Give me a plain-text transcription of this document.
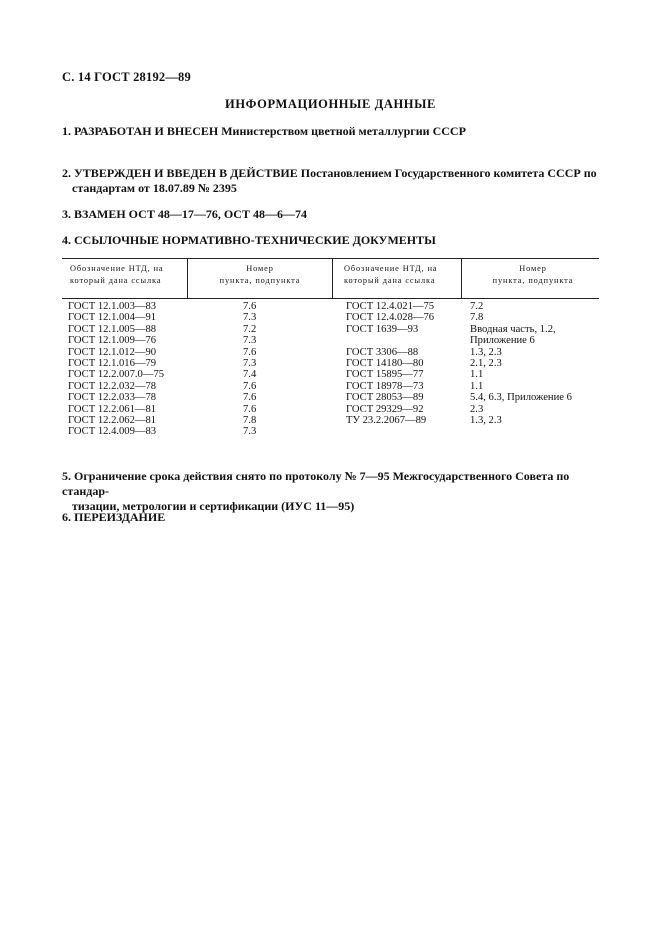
С. 14 ГОСТ 28192—89
ИНФОРМАЦИОННЫЕ ДАННЫЕ
1. РАЗРАБОТАН И ВНЕСЕН Министерством цветной металлургии СССР
2. УТВЕРЖДЕН И ВВЕДЕН В ДЕЙСТВИЕ Постановлением Государственного комитета СССР по
стандартам от 18.07.89 № 2395
3. ВЗАМЕН ОСТ 48—17—76, ОСТ 48—6—74
4. ССЫЛОЧНЫЕ НОРМАТИВНО-ТЕХНИЧЕСКИЕ ДОКУМЕНТЫ
Обозначение НТД, на
который дана ссылка
Номер
пункта, подпункта
Обозначение НТД, на
который дана ссылка
Номер
пункта, подпункта
ГОСТ 12.1.003—83
ГОСТ 12.1.004—91
ГОСТ 12.1.005—88
ГОСТ 12.1.009—76
ГОСТ 12.1.012—90
ГОСТ 12.1.016—79
ГОСТ 12.2.007.0—75
ГОСТ 12.2.032—78
ГОСТ 12.2.033—78
ГОСТ 12.2.061—81
ГОСТ 12.2.062—81
ГОСТ 12.4.009—83
7.6
7.3
7.2
7.3
7.6
7.3
7.4
7.6
7.6
7.6
7.8
7.3
ГОСТ 12.4.021—75
ГОСТ 12.4.028—76
ГОСТ 1639—93
ГОСТ 3306—88
ГОСТ 14180—80
ГОСТ 15895—77
ГОСТ 18978—73
ГОСТ 28053—89
ГОСТ 29329—92
ТУ 23.2.2067—89
7.2
7.8
Вводная часть, 1.2,
Приложение 6
1.3, 2.3
2.1, 2.3
1.1
1.1
5.4, 6.3, Приложение 6
2.3
1.3, 2.3
5. Ограничение срока действия снято по протоколу № 7—95 Межгосударственного Совета по стандар-
тизации, метрологии и сертификации (ИУС 11—95)
6. ПЕРЕИЗДАНИЕ
